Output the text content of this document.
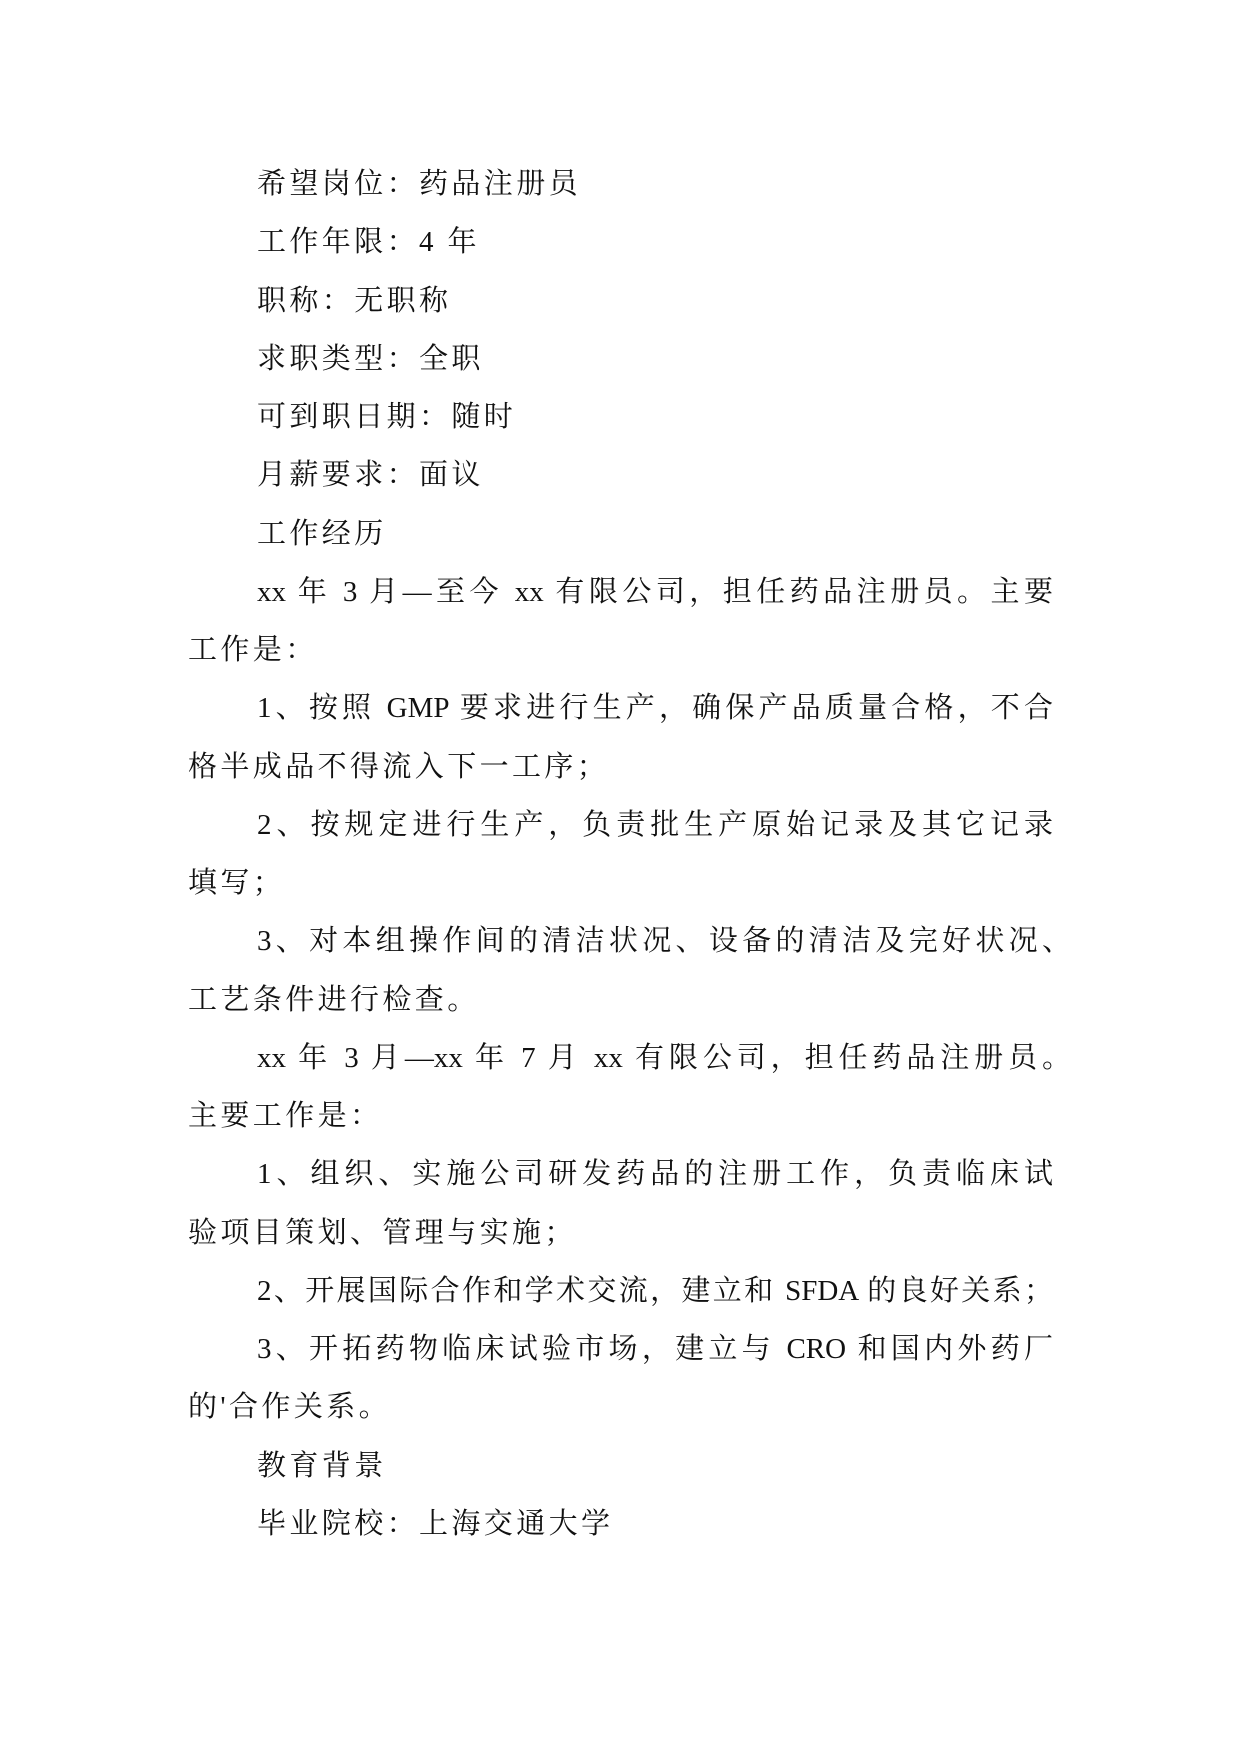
希望岗位：药品注册员
工作年限：4 年
职称：无职称
求职类型：全职
可到职日期：随时
月薪要求：面议
工作经历
xx 年 3 月—至今 xx 有限公司，担任药品注册员。主要
工作是：
1、按照 GMP 要求进行生产，确保产品质量合格，不合
格半成品不得流入下一工序；
2、按规定进行生产，负责批生产原始记录及其它记录
填写；
3、对本组操作间的清洁状况、设备的清洁及完好状况、
工艺条件进行检查。
xx 年 3 月—xx 年 7 月 xx 有限公司，担任药品注册员。
主要工作是：
1、组织、实施公司研发药品的注册工作，负责临床试
验项目策划、管理与实施；
2、开展国际合作和学术交流，建立和 SFDA 的良好关系；
3、开拓药物临床试验市场，建立与 CRO 和国内外药厂
的'合作关系。
教育背景
毕业院校：上海交通大学
